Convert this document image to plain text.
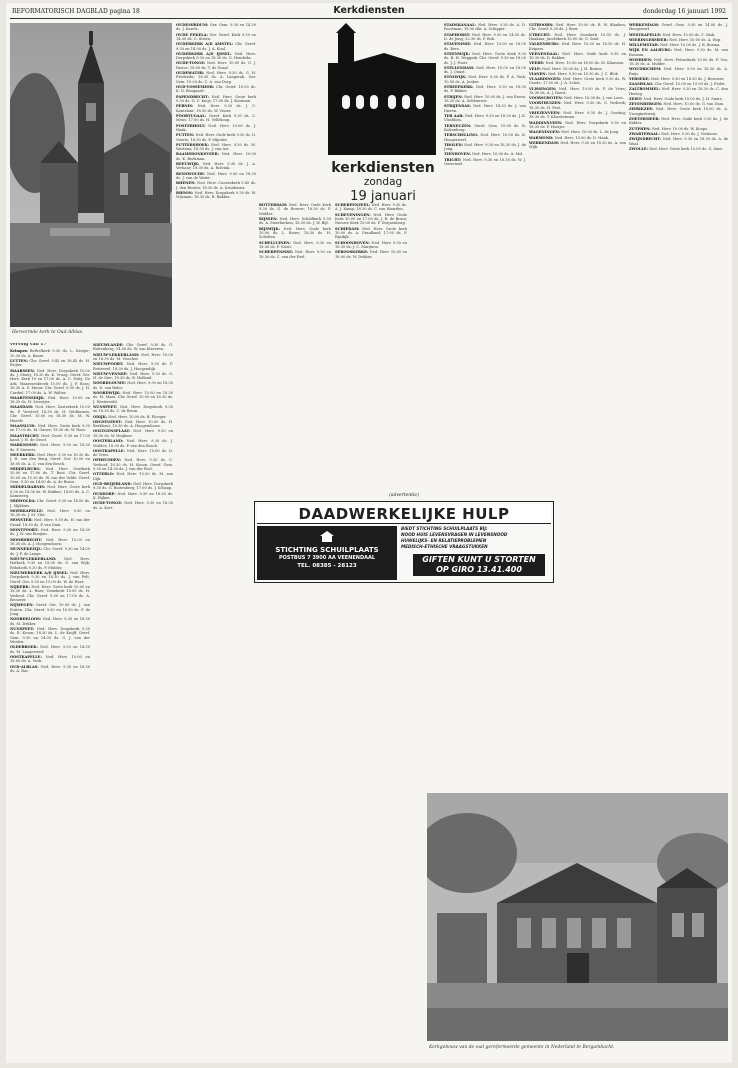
REFORMATORISCH DAGBLAD pagina 18	Kerkdiensten	donderdag 16 januari 1992
Hervormde kerk te Oud-Alblas.

vervolg van 17

Krimpen Bethelkerk 9.30 ds. L. Kruijer; 10.30 ds. A. Baars.

LUTTEN: Chr. Geref. 9.45 en 18.45 ds. H. Feijter.

MAARSSEN: Ned. Herv. Dorpskerk 10.00 ds. J. Monij; 18.30 ds. K. Vroeg. Geref. Ger. Herv. Kerk 10 en 17.00 ds. A. C. Polej; De Ark, Maarssenbroek 10.00 ds. J. P. Roos; 18.30 A. S. Mouw. Chr. Geref. 9.30 ds. J. H. Cardiel; 17.00 ds. A. W. Walter.

MAARTENSDIJK: Ned. Herv. 10.00 en 18.30 ds. H. Sweetjes.

MAASDAM: Ned. Herv. Zusterkerk 10.00 ds. P. Versteel; 18.30 ds. H. Veldhuizen. Chr. Geref. 10.00 en 18.30 ds. M. W. Heerdt.

MAASSLUIS: Ned. Herv. Grote kerk 9.30 en 17.00 ds. M. Ganse; 18.30 ds. W. Roos.

MAASTRICHT: Ned. Geref. 9.30 en 17.00 kand. J. H. de Groot.

MARKNESSE: Ned. Herv. 9.30 en 18.30 ds. P. Sieverts.

MEERKERK: Ned. Herv. 9.30 en 18.30 ds. J. H. van den Berg. Geref. Ger. 10.00 en 16.00 ds. A. C. van den Bosch.

MIDDELBURG: Ned. Herv. Oostkerk 10.00 en 17.00 ds. T. Boot. Chr. Geref. 10.00 en 15.30 ds. W. van der Velde. Geref. Gem. 9.30 en 14.00 ds. A. de Bruin.

MIDDELHARNIS: Ned. Herv. Grote kerk 9.30 en 18.30 ds. W. Bakker; 14.00 ds. A. C. Kamsteeg.

MIDWOLDA: Chr. Geref. 9.30 en 14.00 ds. J. Slijkhuis.

MOERKAPELLE: Ned. Herv. 9.30 en 18.30 ds. J. M. Vlot.

MONSTER: Ned. Herv. 9.30 ds. H. van der Graaf; 18.30 ds. P. van Dam.

MONTFOORT: Ned. Herv. 9.30 en 18.30 ds. J. W. van Rooijen.

MOORDRECHT: Ned. Herv. 10.00 en 18.30 ds. A. J. Hoogendoorn.

MUNNEKEZIJL: Chr. Geref. 9.30 en 14.00 ds. J. P. de Lange.

NIEUW-LEKKERLAND: Ned. Herv. Hofkerk 9.30 en 18.00 ds. G. van Wijk; Rehoboth 9.30 ds. P. Mulder.

NIEUWERKERK A/D IJSSEL: Ned. Herv. Dorpskerk 9.30 en 18.30 ds. J. van Pelt. Geref. Ger. 9.30 en 15.00 ds. W. de Heer.

NIJKERK: Ned. Herv. Grote kerk 10.00 en 18.30 ds. L. Boer; Oenekerk 10.00 ds. H. Verheul. Chr. Geref. 9.30 en 17.00 ds. A. Brouwer.

NIJMEGEN: Geref. Ger. 10.00 ds. J. van Putten. Chr. Geref. 9.30 en 16.00 ds. P. de Jong.

NOORDELOOS: Ned. Herv. 9.30 en 18.30 ds. M. Dekker.

NUNSPEET: Ned. Herv. Dorpskerk 9.30 ds. R. Kroon; 18.30 ds. L. de Knijff. Geref. Gem. 9.30 en 14.00 ds. G. J. van der Weiden.

OLDEBROEK: Ned. Herv. 9.30 en 14.30 ds. M. Laagerwerf.

OOSTKAPELLE: Ned. Herv. 10.00 en 18.00 ds. A. Vink.

OUD-ALBLAS: Ned. Herv. 9.30 en 18.30 ds. A. Bac.

NIEUWLANDE: Chr. Geref. 9.30 ds. G. Ruitenberg; 14.00 ds. W. van Klaveren.

NIEUW-LEKKERLAND: Ned. Herv. 10.00 en 16.30 ds. M. Visscher.

NIEUWPOORT: Ned. Herv. 9.30 ds. P. Rotteveel; 18.30 ds. J. Hoogendijk.

NIEUW-VENNEP: Ned. Herv. 9.30 ds. G. H. de Gier; 18.30 ds. B. Hofland.

NOORDGOUWE: Ned. Herv. 9.30 en 18.30 ds. N. van Ruler.

NOORDWIJK: Ned. Herv. 10.00 en 18.30 ds. M. Maas. Chr. Geref. 10.00 en 16.30 ds. J. Westerveld.

NUNSPEET: Ned. Herv. Dorpskerk 9.30 en 18.30 ds. C. de Bruin.

ODIJK: Ned. Herv. 10.00 ds. B. Ploeger.

OEGSTGEEST: Ned. Herv. 10.00 ds. H. Berkhout; 18.30 ds. A. Hoogendoorn.

OOLTGENSPLAAT: Ned. Herv. 9.30 en 18.30 ds. W. Heijboer.

OOSTERLAND: Ned. Herv. 9.30 ds. J. Mulder; 18.30 ds. P. van den Bosch.

OOSTKAPELLE: Ned. Herv. 10.00 ds. D. de Vries.

OPHEUSDEN: Ned. Herv. 9.30 ds. C. Verhoef; 18.30 ds. H. Kroon. Geref. Gem. 9.30 en 14.00 ds. J. van der Poel.

OTTERLO: Ned. Herv. 10.00 ds. M. van Dijk.

OUD-BEIJERLAND: Ned. Herv. Dorpskerk 9.30 ds. G. Ruitenberg; 17.00 ds. J. Schaap.

OUDDORP: Ned. Herv. 9.30 en 18.30 ds. K. Rijken.

OUDE-TONGE: Ned. Herv. 9.30 en 18.30 ds. A. Kort.

OUDEMIRDUM: Ger. Gem. 9.30 en 14.30 ds. J. Karels.

OUDE PEKELA: Ger. Geref. Kerk 9.30 en 14.00 ds. C. Strien.

OUDERKERK A/D AMSTEL: Chr. Geref. 9.30 en 14.00 ds. J. A. Kool.

OUDERKERK A/D IJSSEL: Ned. Herv. Dorpskerk 9.30 en 18.30 ds. G. Hendriks.

OUDE-TONGE: Ned. Herv. 10.00 ds. G. J. Pastor; 18.00 ds. T. de Graaf.

OUDEWATER: Ned. Herv. 9.30 ds. G. H. Frederiks; 18.30 ds. A. Langerak. Ger. Gem. 10.00 ds. C. A. van Dorp.

OUD-VOSSEMEER: Chr. Geref. 10.00 ds. K. D. Boogaard.

PAPENDRECHT: Ned. Herv. Grote kerk 9.30 ds. G. C. Kuijs; 17.00 ds. J. Kooiman.

PERNIS: Ned. Herv. 9.30 ds. J. C. Kantelaar; 18.30 ds. W. Visser.

POORTUGAAL: Geref. Kerk 9.30 ds. C. Meus; 17.00 ds. H. Vellekoop.

POSTERHOLT: Ned. Herv. 10.00 ds. J. Haak.

PUTTEN: Ned. Herv. Oude kerk 9.30 ds. D. Geerts; 18.30 ds. P. Mijnder.

PUTTERSHOEK: Ned. Herv. 9.30 ds. M. Wartena; 18.30 ds. J. van Ast.

RAAMSDONKSVEER: Ned. Herv. 10.00 ds. K. Beekman.

REEUWIJK: Ned. Herv. 9.30 ds. J. A. Verhaar; 18.30 ds. A. Rolvink.

RENSWOUDE: Ned. Herv. 9.30 en 18.30 ds. J. van de Water.

RHENEN: Ned. Herv. Cunerakerk 9.45 ds. J. den Besten; 18.30 ds. A. Kruidenier.

RHOON: Ned. Herv. Dorpskerk 9.30 ds. W. Wijsman; 18.30 ds. B. Bakker.

kerkdiensten
zondag
19 januari

ROTTERDAM: Ned. Herv. Oude Kerk 9.30 ds. G. de Reuver; 18.30 ds. P. Mulder.

RIJSSEN: Ned. Herv. Schildkerk 9.30 ds. A. Moerkerken; 18.30 ds. J. W. Bijl.

RIJSWIJK: Ned. Herv. Oude kerk 10.00 ds. L. Bouw; 18.30 ds. H. Scholten.

SCHELLUINEN: Ned. Herv. 9.30 en 18.30 ds. P. Nooit.

SCHERPENISSE: Ned. Herv. 9.30 en 18.30 ds. C. van der Poel.

SCHERPENZEEL: Ned. Herv. 9.30 ds. A. J. Kamp; 18.30 ds. C. van Waarden.

SCHEVENINGEN: Ned. Herv. Oude Kerk 10.00 en 17.00 ds. J. R. de Bruin; Nieuwe Kerk 10.00 ds. P. Zwijnenburg.

SCHIEDAM: Ned. Herv. Grote kerk 10.00 ds. A. Graafland; 17.00 ds. P. Rijsdijk.

SCHOONHOVEN: Ned. Herv. 9.30 en 18.30 ds. J. C. Marijnen.

SEROOSKERKE: Ned. Herv. 10.00 en 18.00 ds. W. Dekker.

STADSKANAAL: Ned. Herv. 9.30 ds. A. D. Poortman; 18.00 dhr. A. Schipper.

STAPHORST: Ned. Herv. 9.30 en 14.00 ds. D. de Jong; 22.30 ds. P. Bok.

STAVENISSE: Ned. Herv. 10.00 en 18.00 ds. Bers.

STEENWIJK: Ned. Herv. Grote Kerk 9.30 ds. B. H. Weggink. Chr. Geref. 9.30 en 18.00 ds. J. J. Poort.

STELLENDAM: Ned. Herv. 10.00 en 18.00 ds. J. Quast.

STOLWIJK: Ned. Herv. 9.00 ds. P. A. Vink; 10.00 ds. A. Jonker.

STREEFKERK: Ned. Herv. 9.30 en 18.30 ds. P. Bikker.

STRIJEN: Ned. Herv. 10.00 ds. J. van Essen; 18.30 ds. A. Zeldenrust.

STRIJENSAS: Ned. Herv. 14.30 ds. J. van Dieren.

TER AAR: Ned. Herv. 9.30 en 18.30 ds. J. K. Vlasblom.

TERNEUZEN: Geref. Gem. 10.00 ds. R. Kattenberg.

TERSCHELLING: Ned. Herv. 10.00 ds. K. Hoogerwerf.

THOLEN: Ned. Herv. 9.30 en 18.30 ds. J. de Jong.

TIENHOVEN: Ned. Herv. 10.00 ds. A. Mol.

TRICHT: Ned. Herv. 9.30 en 18.30 ds. W. J. Ouweneel.

UITHOORN: Ned. Herv. 10.00 ds. R. W. Blanken; Chr. Geref. 9.30 ds. J. Boer.

UTRECHT: Ned. Herv. Domkerk 10.30 ds. J. Haakma; Jacobikerk 10.00 ds. G. Smit.

VALKENBURG: Ned. Herv. 10.00 en 18.30 ds. H. Kuipers.

VEENENDAAL: Ned. Herv. Oude kerk 9.30 en 18.30 ds. D. Bakker.

VEERE: Ned. Herv. 10.00 en 18.00 ds. M. Klaassen.

VELP: Ned. Herv. 10.00 ds. J. H. Bruins.

VIANEN: Ned. Herv. 9.30 en 18.30 ds. J. C. Blok.

VLAARDINGEN: Ned. Herv. Grote kerk 9.30 ds. W. Goede; 17.00 ds. J. A. Schot.

VLISSINGEN: Ned. Herv. 10.00 ds. P. de Vries; 18.30 ds. A. J. Roest.

VOORSCHOTEN: Ned. Herv. 10.00 ds. J. van Loon.

VOORTHUIZEN: Ned. Herv. 9.30 ds. G. Verbeek; 18.30 ds. H. Peet.

VRIEZENVEEN: Ned. Herv. 9.30 ds. J. Oosting; 18.30 ds. T. Kloosterman.

WADDINXVEEN: Ned. Herv. Dorpskerk 9.30 en 18.30 ds. P. Hooijer.

WAGENINGEN: Ned. Herv. 10.00 ds. L. de Jong.

WARMOND: Ned. Herv. 10.00 ds. D. Haak.

WERKENDAM: Ned. Herv. 9.30 en 18.30 ds. A. van Wijk.

WERKENDAM: Geref. Gem. 9.30 en 14.00 ds. J. Hoogewerf.

WESTKAPELLE: Ned. Herv. 10.00 ds. C. Mak.

WIERINGERMEER: Ned. Herv. 10.00 ds. A. Hop.

WILLEMSTAD: Ned. Herv. 10.00 ds. J. B. Bosma.

WIJK EN AALBURG: Ned. Herv. 9.30 ds. M. van Rossum.

WOERDEN: Ned. Herv. Petruskerk 10.00 ds. P. Vos; 18.30 ds. A. Mulder.

WOUDRICHEM: Ned. Herv. 9.30 en 18.30 ds. A. Ruijs.

YERSEKE: Ned. Herv. 9.30 en 18.30 ds. J. Brouwer.

ZAAMSLAG: Chr. Geref. 10.00 en 15.00 ds. J. Fiolet.

ZALTBOMMEL: Ned. Herv. 9.30 en 18.30 ds. C. den Hertog.

ZEIST: Ned. Herv. Oude kerk 10.00 ds. J. H. Smits.

ZEVENBERGEN: Ned. Herv. 10.00 ds. G. van Dam.

ZIERIKZEE: Ned. Herv. Grote kerk 10.00 ds. A. Vroegindeweij.

ZOETERMEER: Ned. Herv. Oude kerk 9.30 ds. J. de Ridder.

ZUTPHEN: Ned. Herv. 10.00 ds. W. Koops.

ZWARTEWAAL: Ned. Herv. 9.30 ds. J. Verboom.

ZWIJNDRECHT: Ned. Herv. 9.30 en 18.30 ds. A. de Waal.

ZWOLLE: Ned. Herv. Grote kerk 10.00 ds. G. Smit.

(advertentie)
DAADWERKELIJKE HULP
STICHTING SCHUILPLAATS
POSTBUS 7 3900 AA VEENENDAAL
TEL. 08385 - 28123
BIEDT STICHTING SCHUILPLAATS BIJ:
NOOD HUIS LEVENSVRAGEN IN LEVENSNOOD
HUWELIJKS- EN RELATIEPROBLEMEN
MEDISCH-ETHISCHE VRAAGSTUKKEN
GIFTEN KUNT U STORTEN
OP GIRO 13.41.400
Kerkgebouw van de oud gereformeerde gemeente in Nederland te Bergambacht.
